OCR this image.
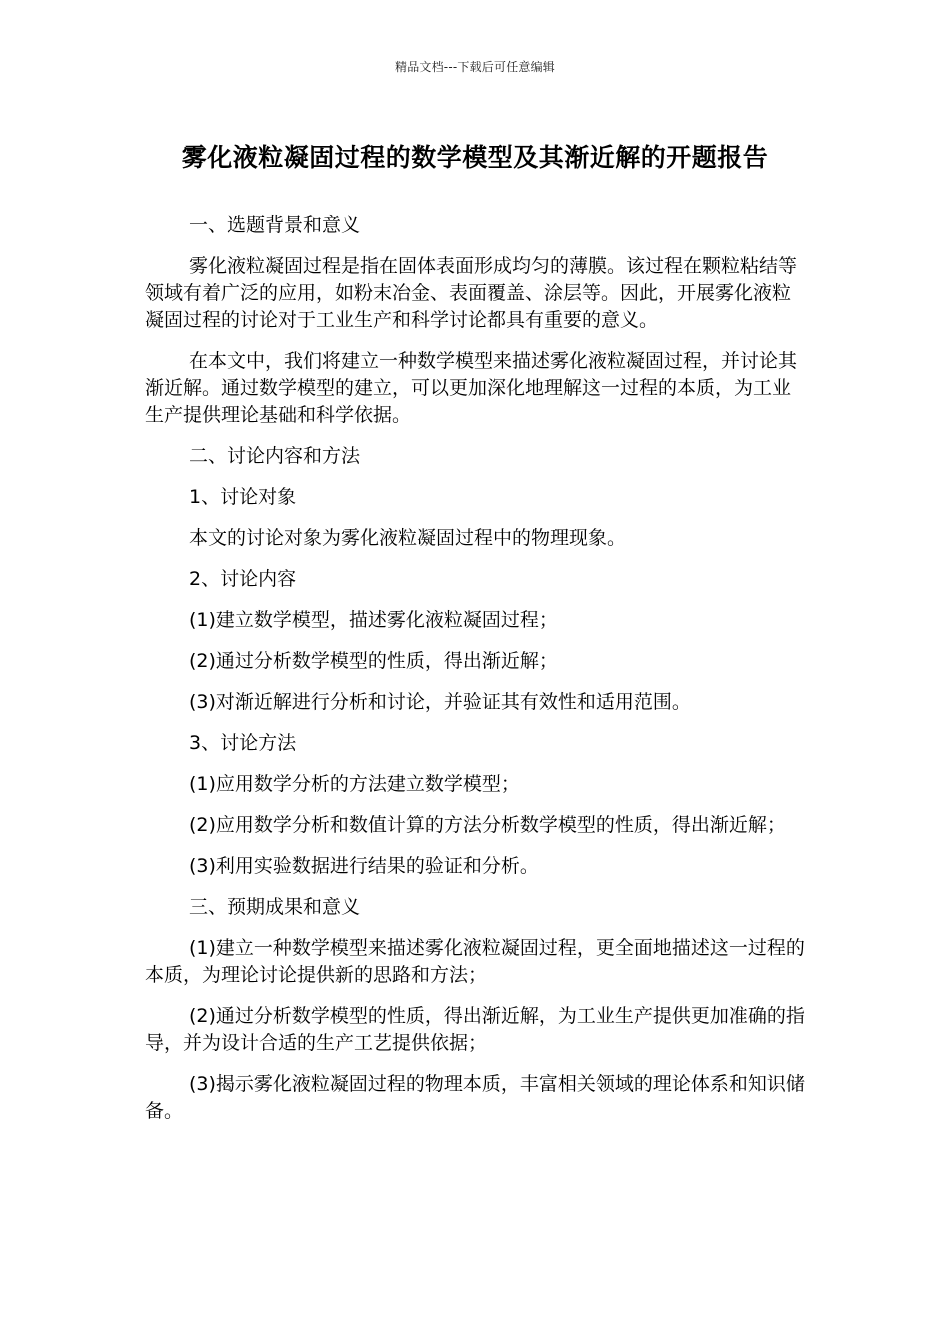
精品文档---下载后可任意编辑
雾化液粒凝固过程的数学模型及其渐近解的开题报告

一、选题背景和意义

雾化液粒凝固过程是指在固体表面形成均匀的薄膜。该过程在颗粒粘结等领域有着广泛的应用，如粉末冶金、表面覆盖、涂层等。因此，开展雾化液粒凝固过程的讨论对于工业生产和科学讨论都具有重要的意义。

在本文中，我们将建立一种数学模型来描述雾化液粒凝固过程，并讨论其渐近解。通过数学模型的建立，可以更加深化地理解这一过程的本质，为工业生产提供理论基础和科学依据。

二、讨论内容和方法

1、讨论对象

本文的讨论对象为雾化液粒凝固过程中的物理现象。

2、讨论内容

(1)建立数学模型，描述雾化液粒凝固过程；

(2)通过分析数学模型的性质，得出渐近解；

(3)对渐近解进行分析和讨论，并验证其有效性和适用范围。

3、讨论方法

(1)应用数学分析的方法建立数学模型；

(2)应用数学分析和数值计算的方法分析数学模型的性质，得出渐近解；

(3)利用实验数据进行结果的验证和分析。

三、预期成果和意义

(1)建立一种数学模型来描述雾化液粒凝固过程，更全面地描述这一过程的本质，为理论讨论提供新的思路和方法；

(2)通过分析数学模型的性质，得出渐近解，为工业生产提供更加准确的指导，并为设计合适的生产工艺提供依据；

(3)揭示雾化液粒凝固过程的物理本质，丰富相关领域的理论体系和知识储备。
